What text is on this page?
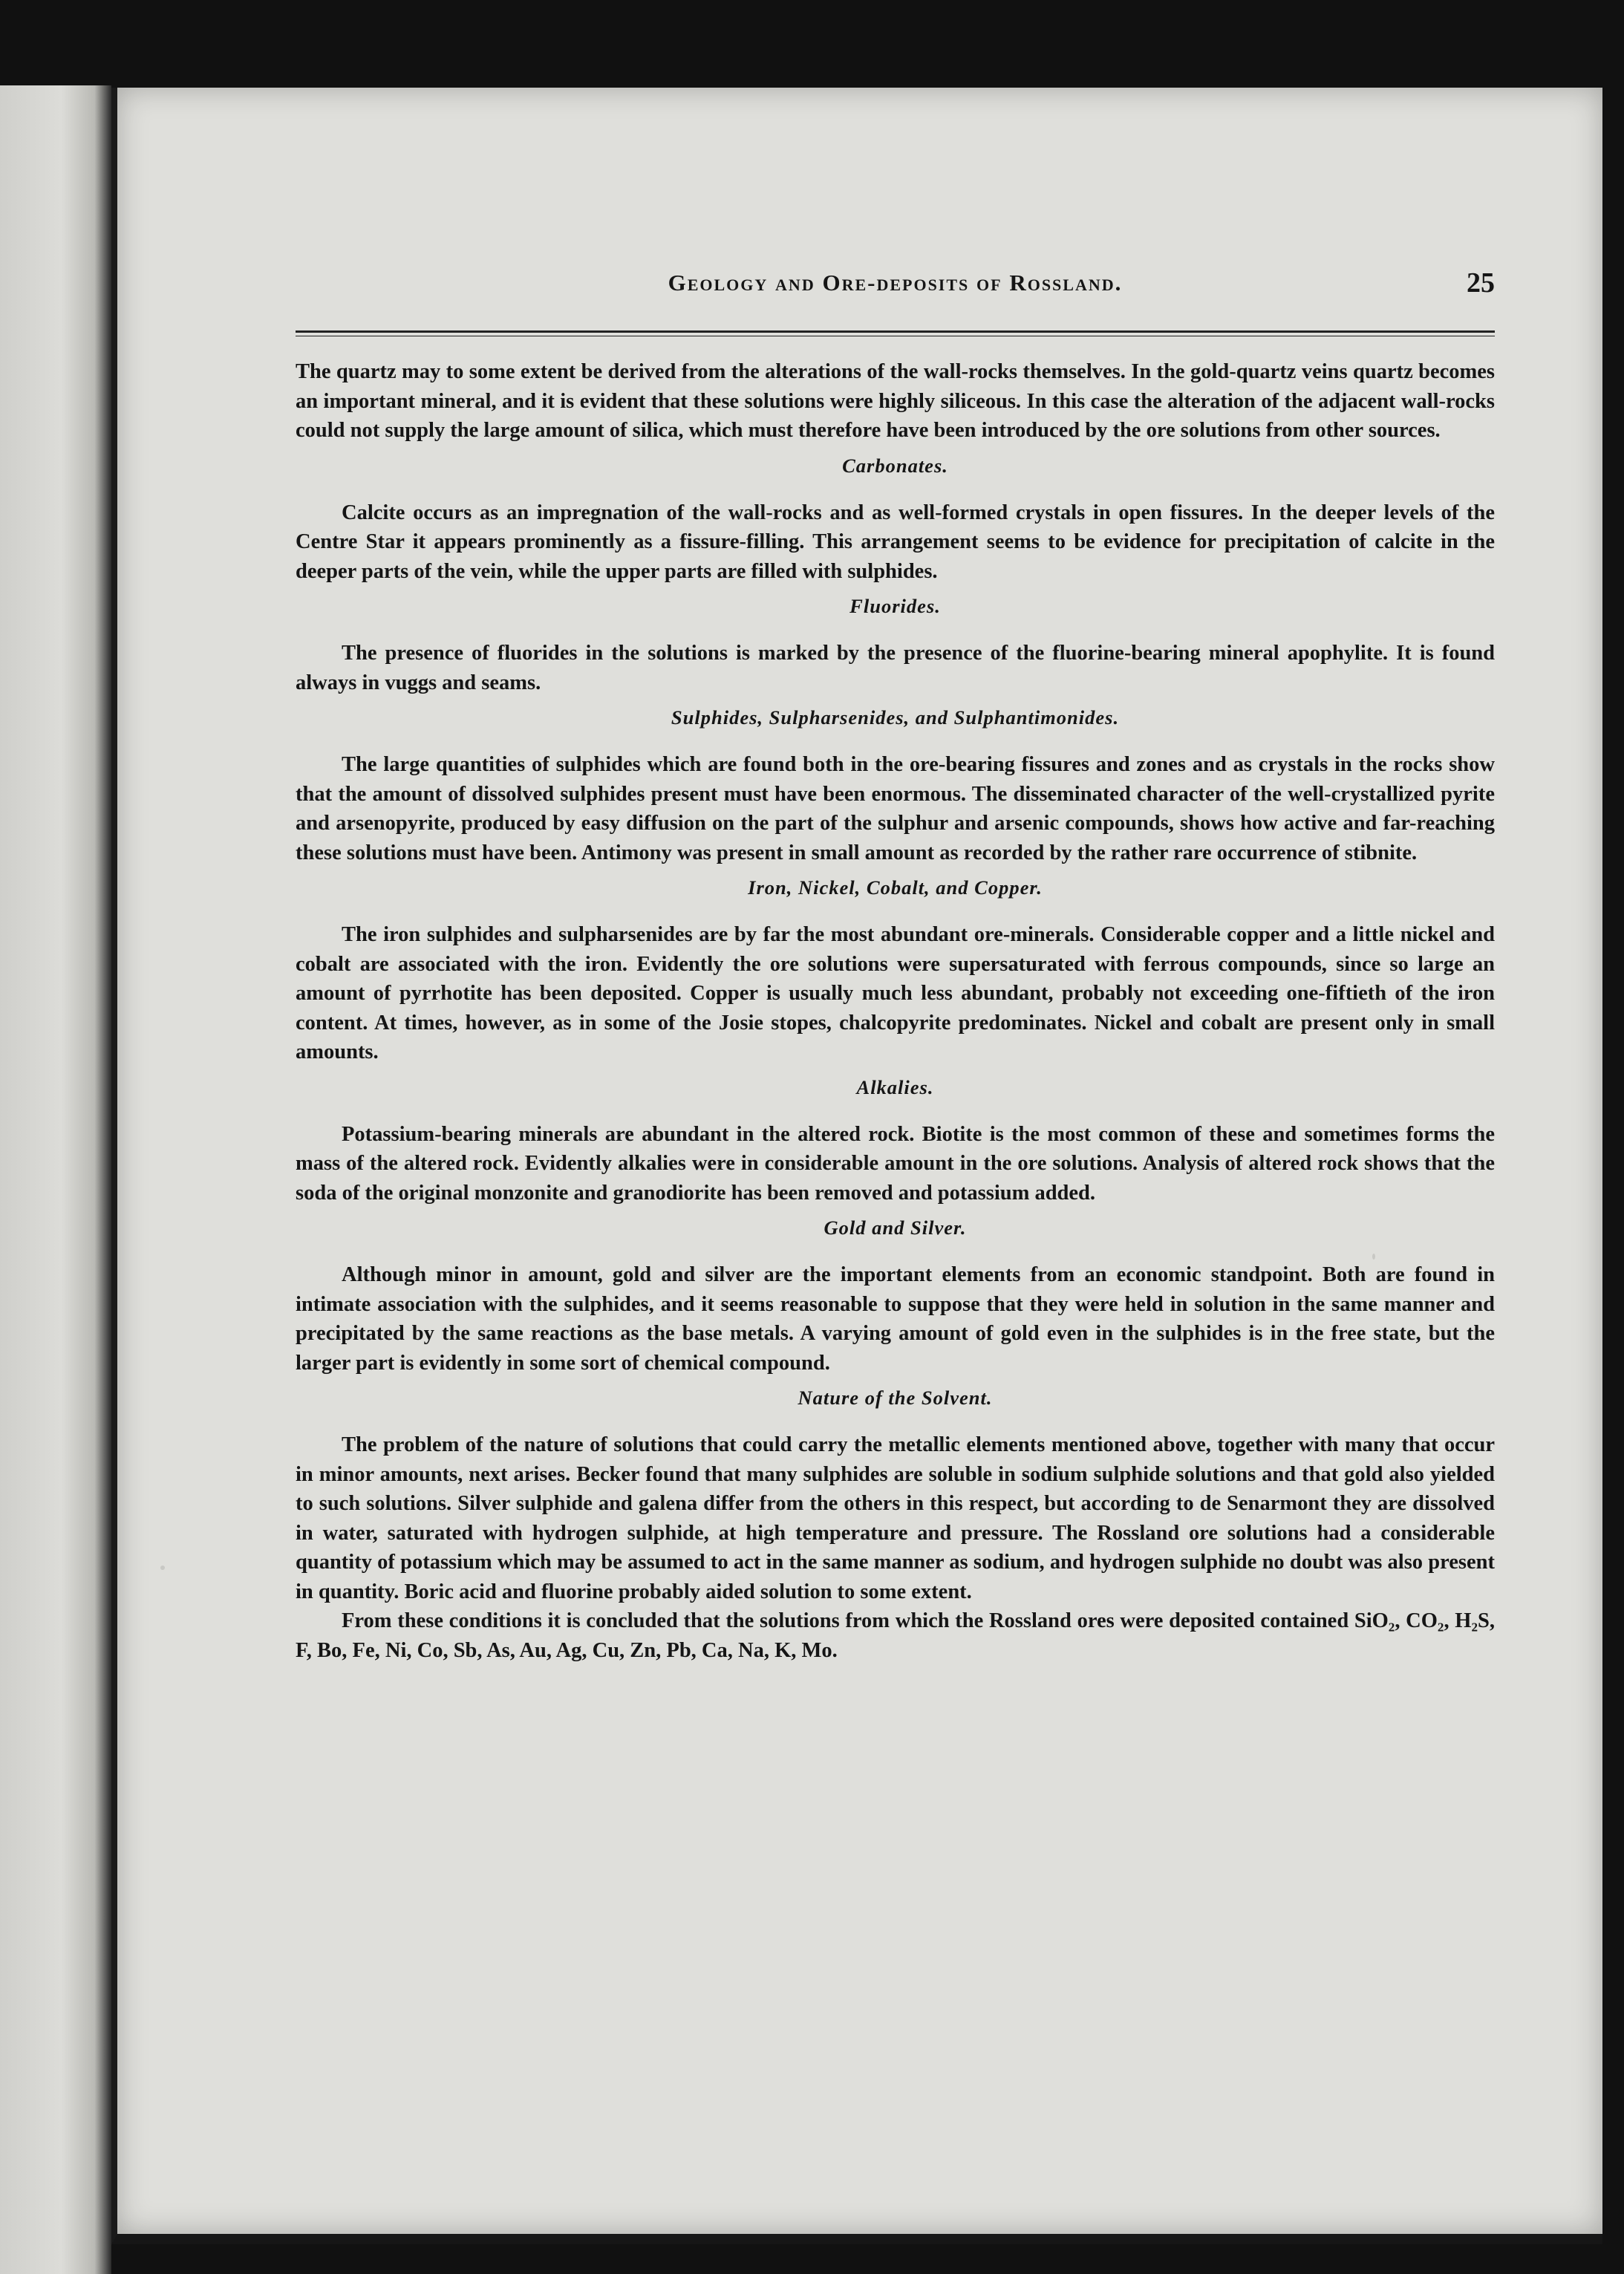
Geology and Ore-deposits of Rossland.	25

The quartz may to some extent be derived from the alterations of the wall-rocks themselves. In the gold-quartz veins quartz becomes an important mineral, and it is evident that these solutions were highly siliceous. In this case the alteration of the adjacent wall-rocks could not supply the large amount of silica, which must therefore have been introduced by the ore solutions from other sources.

Carbonates.

Calcite occurs as an impregnation of the wall-rocks and as well-formed crystals in open fissures. In the deeper levels of the Centre Star it appears prominently as a fissure-filling. This arrangement seems to be evidence for precipitation of calcite in the deeper parts of the vein, while the upper parts are filled with sulphides.

Fluorides.

The presence of fluorides in the solutions is marked by the presence of the fluorine-bearing mineral apophylite. It is found always in vuggs and seams.

Sulphides, Sulpharsenides, and Sulphantimonides.

The large quantities of sulphides which are found both in the ore-bearing fissures and zones and as crystals in the rocks show that the amount of dissolved sulphides present must have been enormous. The disseminated character of the well-crystallized pyrite and arsenopyrite, produced by easy diffusion on the part of the sulphur and arsenic compounds, shows how active and far-reaching these solutions must have been. Antimony was present in small amount as recorded by the rather rare occurrence of stibnite.

Iron, Nickel, Cobalt, and Copper.

The iron sulphides and sulpharsenides are by far the most abundant ore-minerals. Considerable copper and a little nickel and cobalt are associated with the iron. Evidently the ore solutions were supersaturated with ferrous compounds, since so large an amount of pyrrhotite has been deposited. Copper is usually much less abundant, probably not exceeding one-fiftieth of the iron content. At times, however, as in some of the Josie stopes, chalcopyrite predominates. Nickel and cobalt are present only in small amounts.

Alkalies.

Potassium-bearing minerals are abundant in the altered rock. Biotite is the most common of these and sometimes forms the mass of the altered rock. Evidently alkalies were in considerable amount in the ore solutions. Analysis of altered rock shows that the soda of the original monzonite and granodiorite has been removed and potassium added.

Gold and Silver.

Although minor in amount, gold and silver are the important elements from an economic standpoint. Both are found in intimate association with the sulphides, and it seems reasonable to suppose that they were held in solution in the same manner and precipitated by the same reactions as the base metals. A varying amount of gold even in the sulphides is in the free state, but the larger part is evidently in some sort of chemical compound.

Nature of the Solvent.

The problem of the nature of solutions that could carry the metallic elements mentioned above, together with many that occur in minor amounts, next arises. Becker found that many sulphides are soluble in sodium sulphide solutions and that gold also yielded to such solutions. Silver sulphide and galena differ from the others in this respect, but according to de Senarmont they are dissolved in water, saturated with hydrogen sulphide, at high temperature and pressure. The Rossland ore solutions had a considerable quantity of potassium which may be assumed to act in the same manner as sodium, and hydrogen sulphide no doubt was also present in quantity. Boric acid and fluorine probably aided solution to some extent.

From these conditions it is concluded that the solutions from which the Rossland ores were deposited contained SiO₂, CO₂, H₂S, F, Bo, Fe, Ni, Co, Sb, As, Au, Ag, Cu, Zn, Pb, Ca, Na, K, Mo.
